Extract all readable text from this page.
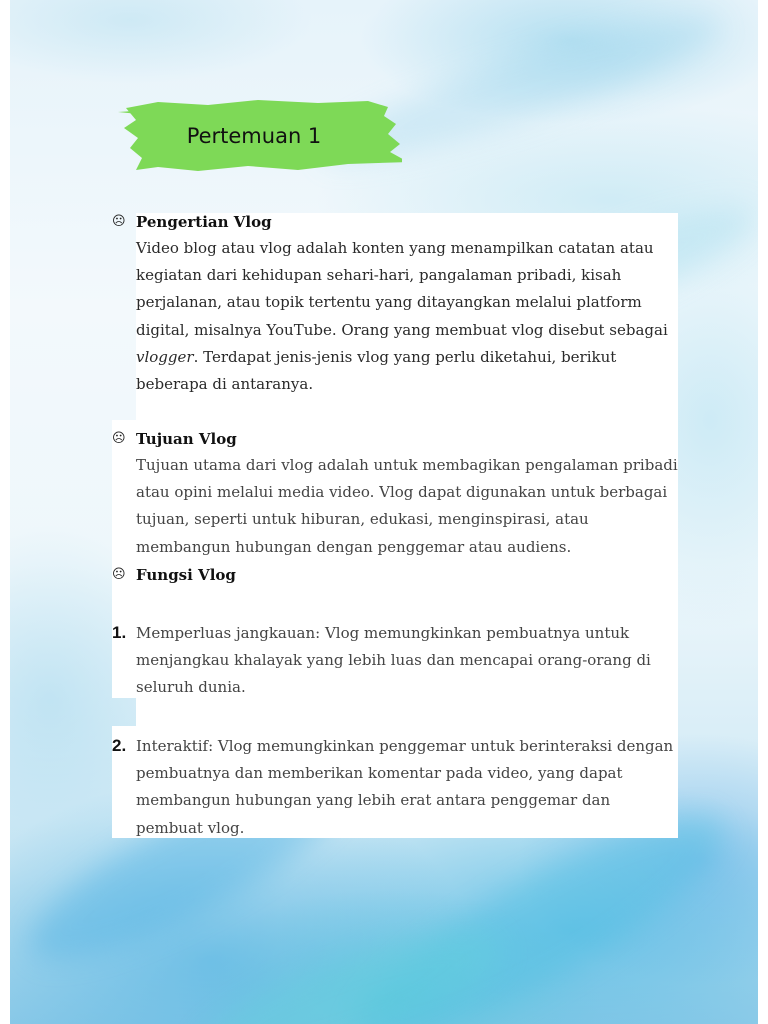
Pertemuan 1
☹ Pengertian Vlog

Video blog atau vlog adalah konten yang menampilkan catatan atau kegiatan dari kehidupan sehari-hari, pangalaman pribadi, kisah perjalanan, atau topik tertentu yang ditayangkan melalui platform digital, misalnya YouTube. Orang yang membuat vlog disebut sebagai vlogger. Terdapat jenis-jenis vlog yang perlu diketahui, berikut beberapa di antaranya.

☹ Tujuan Vlog

Tujuan utama dari vlog adalah untuk membagikan pengalaman pribadi atau opini melalui media video. Vlog dapat digunakan untuk berbagai tujuan, seperti untuk hiburan, edukasi, menginspirasi, atau membangun hubungan dengan penggemar atau audiens.

☹ Fungsi Vlog

1. Memperluas jangkauan: Vlog memungkinkan pembuatnya untuk menjangkau khalayak yang lebih luas dan mencapai orang-orang di seluruh dunia.

2. Interaktif: Vlog memungkinkan penggemar untuk berinteraksi dengan pembuatnya dan memberikan komentar pada video, yang dapat membangun hubungan yang lebih erat antara penggemar dan pembuat vlog.
